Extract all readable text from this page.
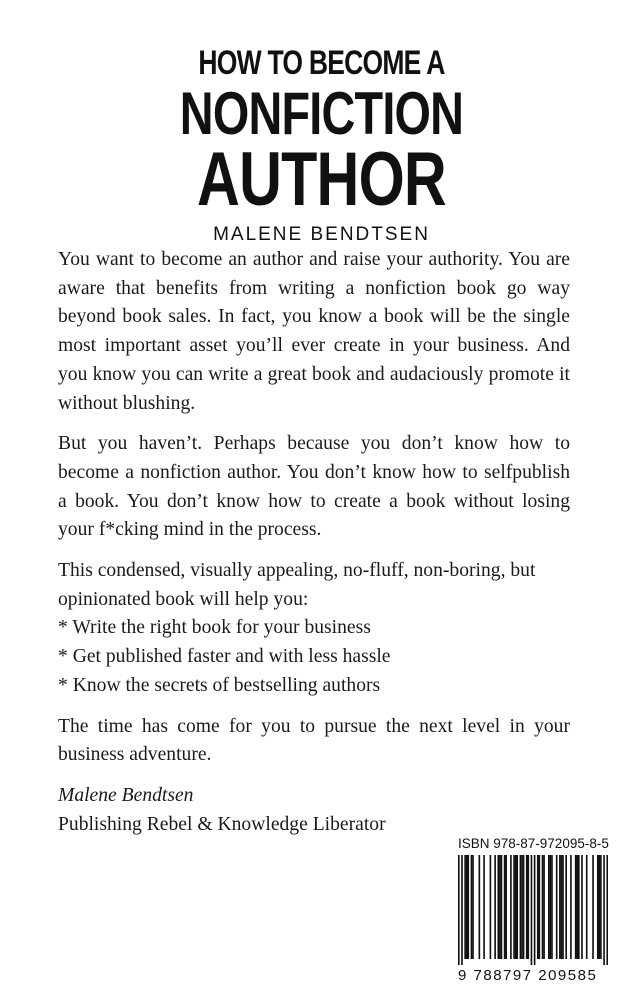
HOW TO BECOME A
NONFICTION
AUTHOR
MALENE BENDTSEN

You want to become an author and raise your authority. You are aware that benefits from writing a nonfiction book go way beyond book sales. In fact, you know a book will be the single most important asset you’ll ever create in your business. And you know you can write a great book and audaciously promote it without blushing.

But you haven’t. Perhaps because you don’t know how to become a nonfiction author. You don’t know how to selfpublish a book. You don’t know how to create a book without losing your f*cking mind in the process.

This condensed, visually appealing, no-fluff, non-boring, but opinionated book will help you:

* Write the right book for your business
* Get published faster and with less hassle
* Know the secrets of bestselling authors

The time has come for you to pursue the next level in your business adventure.

Malene Bendtsen
Publishing Rebel & Knowledge Liberator
ISBN 978-87-972095-8-5
9 788797 209585
